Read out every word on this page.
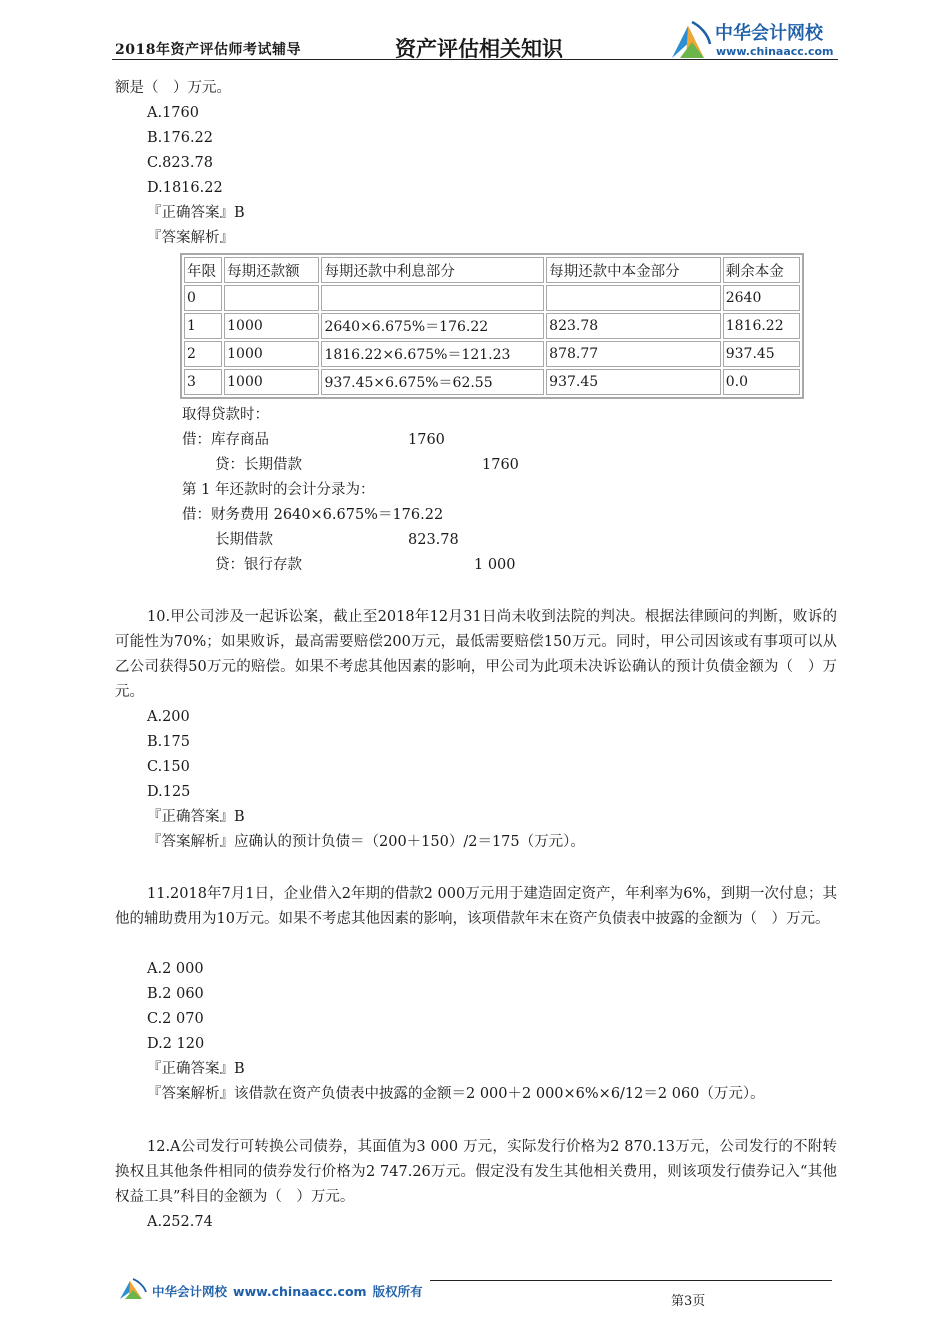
2018年资产评估师考试辅导	资产评估相关知识
中华会计网校
www.chinaacc.com
额是（　）万元。
A.1760
B.176.22
C.823.78
D.1816.22
『正确答案』B
『答案解析』
年限	每期还款额	每期还款中利息部分	每期还款中本金部分	剩余本金
0				2640
1	1000	2640×6.675%＝176.22	823.78	1816.22
2	1000	1816.22×6.675%＝121.23	878.77	937.45
3	1000	937.45×6.675%＝62.55	937.45	0.0
取得贷款时：
借：库存商品	1760
贷：长期借款	1760
第 1 年还款时的会计分录为：
借：财务费用 2640×6.675%＝176.22
长期借款	823.78
贷：银行存款	1 000
10.甲公司涉及一起诉讼案，截止至2018年12月31日尚未收到法院的判决。根据法律顾问的判断，败诉的可能性为70%；如果败诉，最高需要赔偿200万元，最低需要赔偿150万元。同时，甲公司因该或有事项可以从乙公司获得50万元的赔偿。如果不考虑其他因素的影响，甲公司为此项未决诉讼确认的预计负债金额为（　）万元。
A.200
B.175
C.150
D.125
『正确答案』B
『答案解析』应确认的预计负债＝（200＋150）/2＝175（万元）。
11.2018年7月1日，企业借入2年期的借款2 000万元用于建造固定资产，年利率为6%，到期一次付息；其他的辅助费用为10万元。如果不考虑其他因素的影响，该项借款年末在资产负债表中披露的金额为（　）万元。
A.2 000
B.2 060
C.2 070
D.2 120
『正确答案』B
『答案解析』该借款在资产负债表中披露的金额＝2 000＋2 000×6%×6/12＝2 060（万元）。
12.A公司发行可转换公司债券，其面值为3 000 万元，实际发行价格为2 870.13万元，公司发行的不附转换权且其他条件相同的债券发行价格为2 747.26万元。假定没有发生其他相关费用，则该项发行债券记入“其他权益工具”科目的金额为（　）万元。
A.252.74
中华会计网校 www.chinaacc.com 版权所有
第3页
